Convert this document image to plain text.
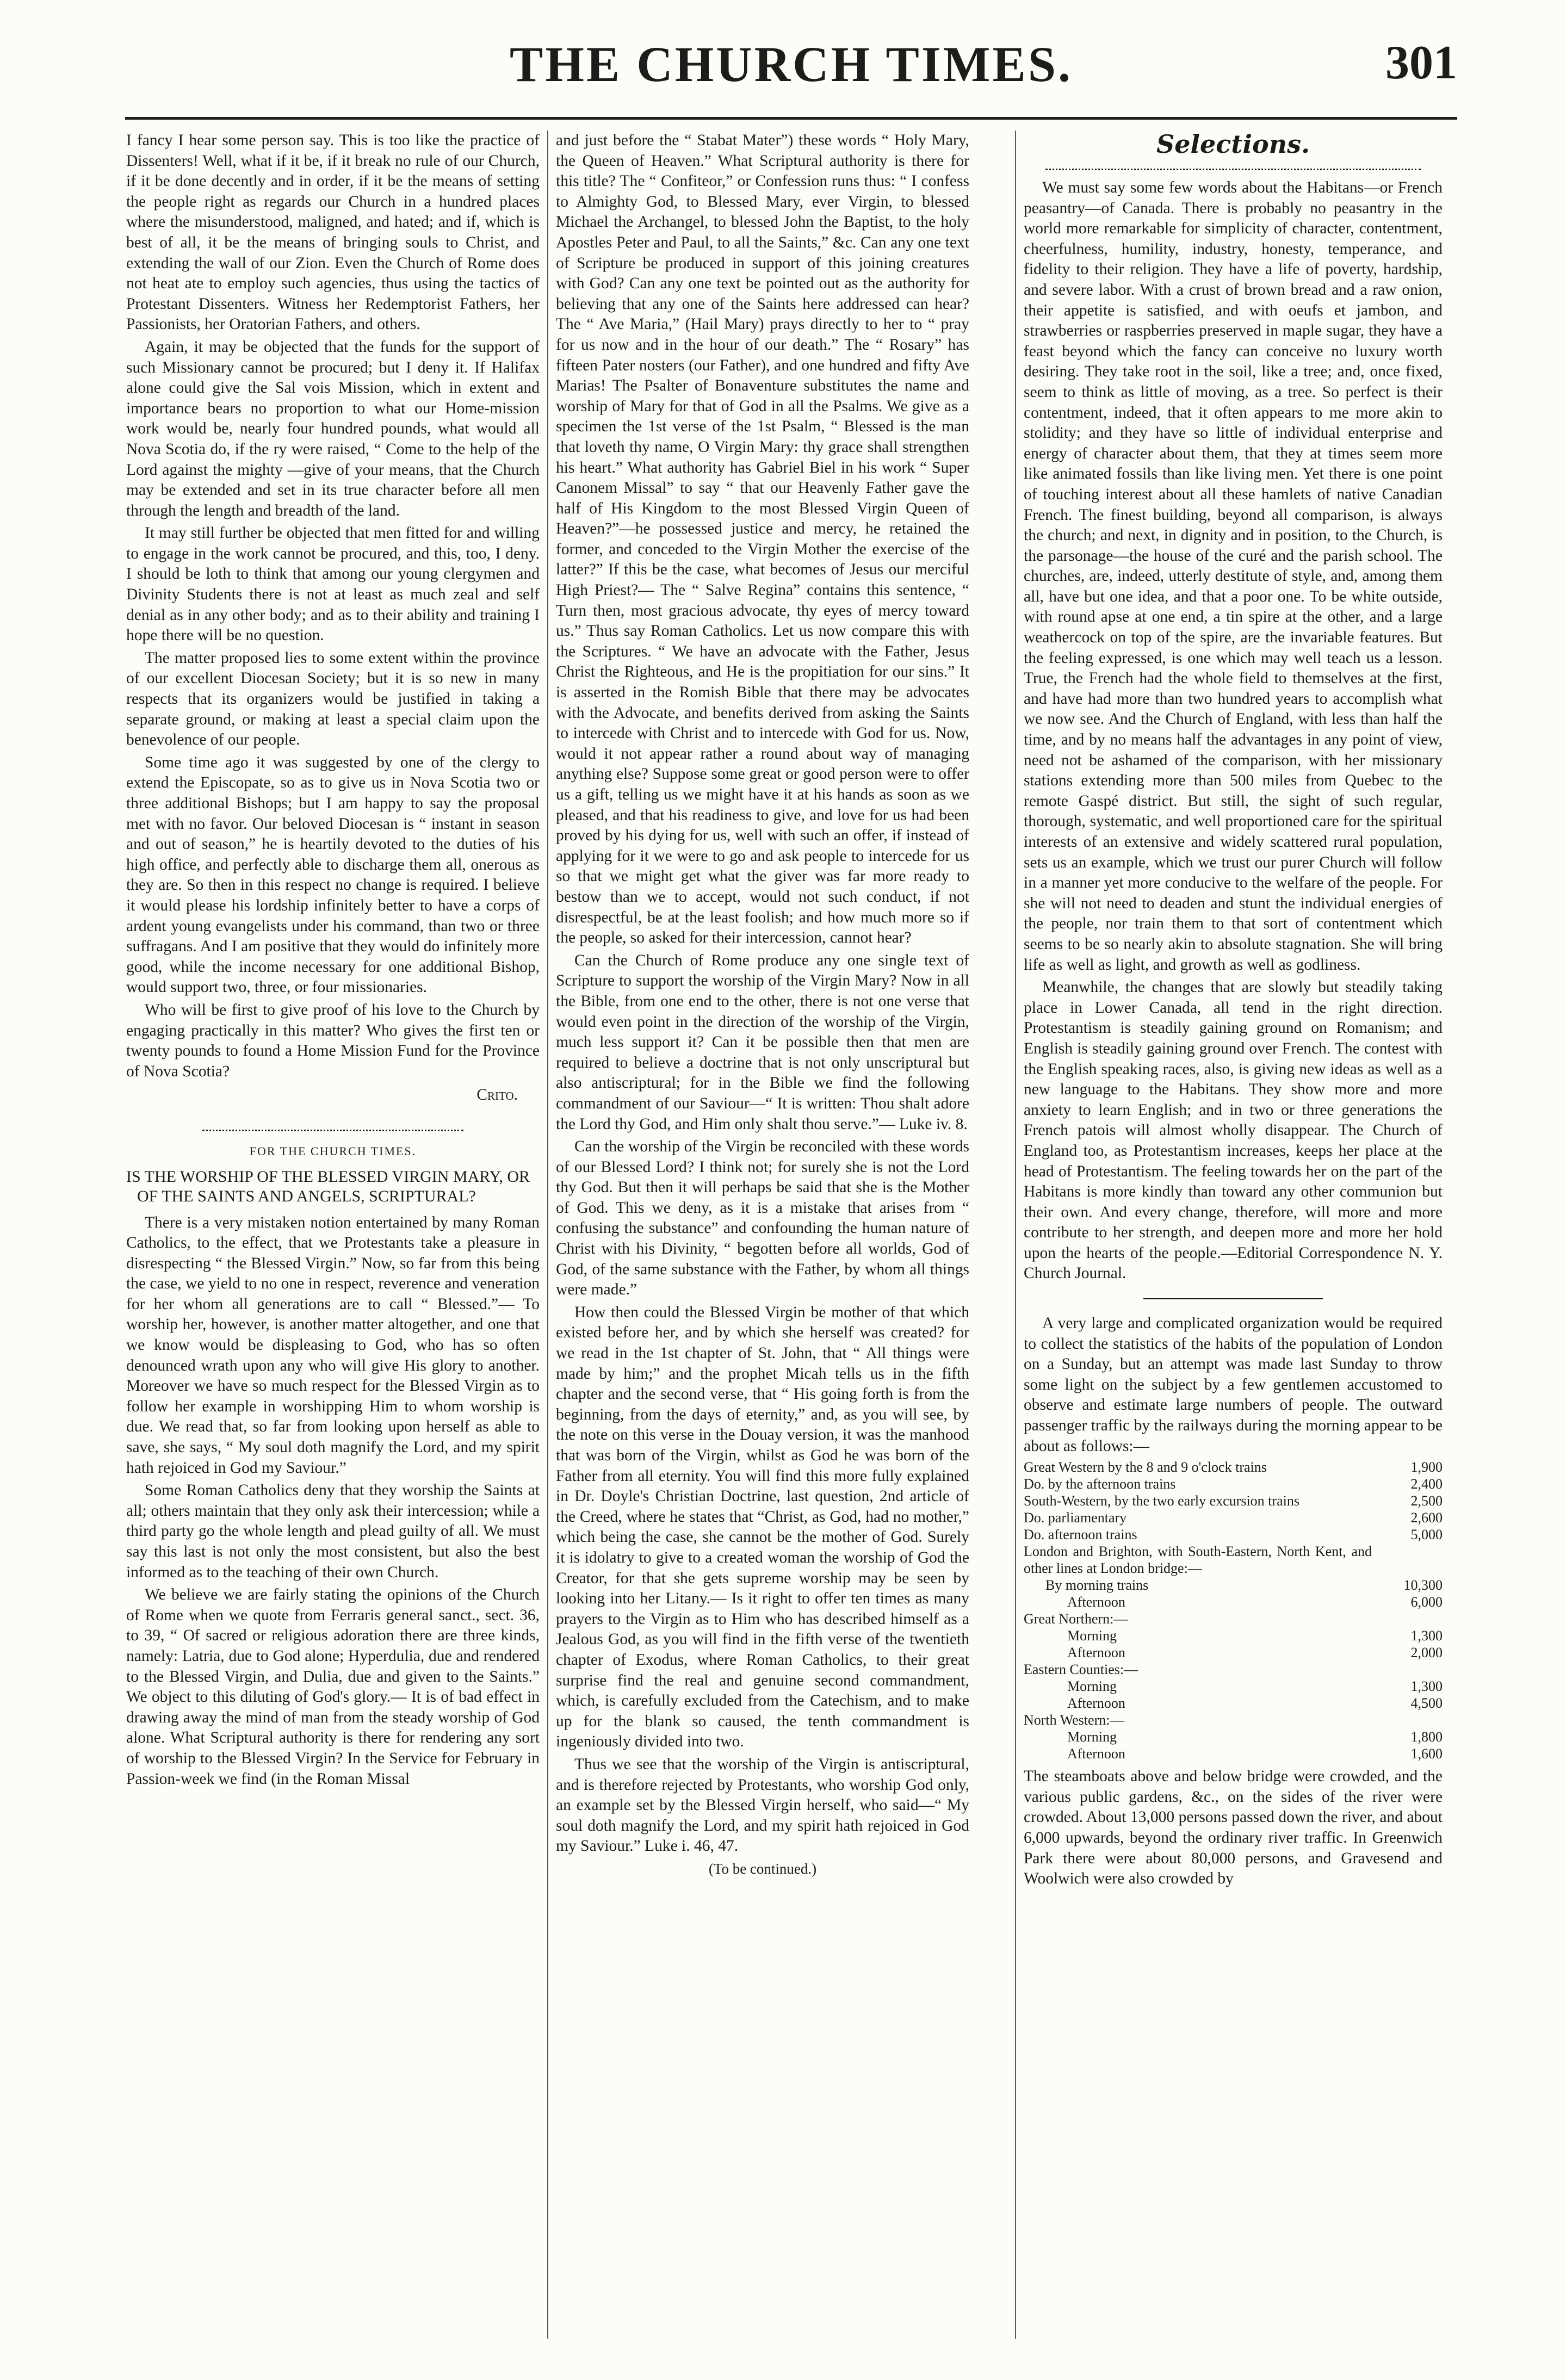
THE CHURCH TIMES.	301

I fancy I hear some person say. This is too like the practice of Dissenters! Well, what if it be, if it break no rule of our Church, if it be done decently and in order, if it be the means of setting the people right as regards our Church in a hundred places where the misunderstood, maligned, and hated; and if, which is best of all, it be the means of bringing souls to Christ, and extending the wall of our Zion. Even the Church of Rome does not heat ate to employ such agencies, thus using the tactics of Protestant Dissenters. Witness her Redemptorist Fathers, her Passionists, her Oratorian Fathers, and others.

Again, it may be objected that the funds for the support of such Missionary cannot be procured; but I deny it. If Halifax alone could give the Sal vois Mission, which in extent and importance bears no proportion to what our Home-mission work would be, nearly four hundred pounds, what would all Nova Scotia do, if the ry were raised, “ Come to the help of the Lord against the mighty —give of your means, that the Church may be extended and set in its true character before all men through the length and breadth of the land.

It may still further be objected that men fitted for and willing to engage in the work cannot be procured, and this, too, I deny. I should be loth to think that among our young clergymen and Divinity Students there is not at least as much zeal and self denial as in any other body; and as to their ability and training I hope there will be no question.

The matter proposed lies to some extent within the province of our excellent Diocesan Society; but it is so new in many respects that its organizers would be justified in taking a separate ground, or making at least a special claim upon the benevolence of our people.

Some time ago it was suggested by one of the clergy to extend the Episcopate, so as to give us in Nova Scotia two or three additional Bishops; but I am happy to say the proposal met with no favor. Our beloved Diocesan is “ instant in season and out of season,” he is heartily devoted to the duties of his high office, and perfectly able to discharge them all, onerous as they are. So then in this respect no change is required. I believe it would please his lordship infinitely better to have a corps of ardent young evangelists under his command, than two or three suffragans. And I am positive that they would do infinitely more good, while the income necessary for one additional Bishop, would support two, three, or four missionaries.

Who will be first to give proof of his love to the Church by engaging practically in this matter? Who gives the first ten or twenty pounds to found a Home Mission Fund for the Province of Nova Scotia?

Crito.
FOR THE CHURCH TIMES.
IS THE WORSHIP OF THE BLESSED VIRGIN MARY, OR OF THE SAINTS AND ANGELS, SCRIPTURAL?

There is a very mistaken notion entertained by many Roman Catholics, to the effect, that we Protestants take a pleasure in disrespecting “ the Blessed Virgin.” Now, so far from this being the case, we yield to no one in respect, reverence and veneration for her whom all generations are to call “ Blessed.”— To worship her, however, is another matter altogether, and one that we know would be displeasing to God, who has so often denounced wrath upon any who will give His glory to another. Moreover we have so much respect for the Blessed Virgin as to follow her example in worshipping Him to whom worship is due. We read that, so far from looking upon herself as able to save, she says, “ My soul doth magnify the Lord, and my spirit hath rejoiced in God my Saviour.”

Some Roman Catholics deny that they worship the Saints at all; others maintain that they only ask their intercession; while a third party go the whole length and plead guilty of all. We must say this last is not only the most consistent, but also the best informed as to the teaching of their own Church.

We believe we are fairly stating the opinions of the Church of Rome when we quote from Ferraris general sanct., sect. 36, to 39, “ Of sacred or religious adoration there are three kinds, namely: Latria, due to God alone; Hyperdulia, due and rendered to the Blessed Virgin, and Dulia, due and given to the Saints.” We object to this diluting of God's glory.— It is of bad effect in drawing away the mind of man from the steady worship of God alone. What Scriptural authority is there for rendering any sort of worship to the Blessed Virgin? In the Service for February in Passion-week we find (in the Roman Missal

and just before the “ Stabat Mater”) these words “ Holy Mary, the Queen of Heaven.” What Scriptural authority is there for this title? The “ Confiteor,” or Confession runs thus: “ I confess to Almighty God, to Blessed Mary, ever Virgin, to blessed Michael the Archangel, to blessed John the Baptist, to the holy Apostles Peter and Paul, to all the Saints,” &c. Can any one text of Scripture be produced in support of this joining creatures with God? Can any one text be pointed out as the authority for believing that any one of the Saints here addressed can hear? The “ Ave Maria,” (Hail Mary) prays directly to her to “ pray for us now and in the hour of our death.” The “ Rosary” has fifteen Pater nosters (our Father), and one hundred and fifty Ave Marias! The Psalter of Bonaventure substitutes the name and worship of Mary for that of God in all the Psalms. We give as a specimen the 1st verse of the 1st Psalm, “ Blessed is the man that loveth thy name, O Virgin Mary: thy grace shall strengthen his heart.” What authority has Gabriel Biel in his work “ Super Canonem Missal” to say “ that our Heavenly Father gave the half of His Kingdom to the most Blessed Virgin Queen of Heaven?”—he possessed justice and mercy, he retained the former, and conceded to the Virgin Mother the exercise of the latter?” If this be the case, what becomes of Jesus our merciful High Priest?— The “ Salve Regina” contains this sentence, “ Turn then, most gracious advocate, thy eyes of mercy toward us.” Thus say Roman Catholics. Let us now compare this with the Scriptures. “ We have an advocate with the Father, Jesus Christ the Righteous, and He is the propitiation for our sins.” It is asserted in the Romish Bible that there may be advocates with the Advocate, and benefits derived from asking the Saints to intercede with Christ and to intercede with God for us. Now, would it not appear rather a round about way of managing anything else? Suppose some great or good person were to offer us a gift, telling us we might have it at his hands as soon as we pleased, and that his readiness to give, and love for us had been proved by his dying for us, well with such an offer, if instead of applying for it we were to go and ask people to intercede for us so that we might get what the giver was far more ready to bestow than we to accept, would not such conduct, if not disrespectful, be at the least foolish; and how much more so if the people, so asked for their intercession, cannot hear?

Can the Church of Rome produce any one single text of Scripture to support the worship of the Virgin Mary? Now in all the Bible, from one end to the other, there is not one verse that would even point in the direction of the worship of the Virgin, much less support it? Can it be possible then that men are required to believe a doctrine that is not only unscriptural but also antiscriptural; for in the Bible we find the following commandment of our Saviour—“ It is written: Thou shalt adore the Lord thy God, and Him only shalt thou serve.”— Luke iv. 8.

Can the worship of the Virgin be reconciled with these words of our Blessed Lord? I think not; for surely she is not the Lord thy God. But then it will perhaps be said that she is the Mother of God. This we deny, as it is a mistake that arises from “ confusing the substance” and confounding the human nature of Christ with his Divinity, “ begotten before all worlds, God of God, of the same substance with the Father, by whom all things were made.”

How then could the Blessed Virgin be mother of that which existed before her, and by which she herself was created? for we read in the 1st chapter of St. John, that “ All things were made by him;” and the prophet Micah tells us in the fifth chapter and the second verse, that “ His going forth is from the beginning, from the days of eternity,” and, as you will see, by the note on this verse in the Douay version, it was the manhood that was born of the Virgin, whilst as God he was born of the Father from all eternity. You will find this more fully explained in Dr. Doyle's Christian Doctrine, last question, 2nd article of the Creed, where he states that “Christ, as God, had no mother,” which being the case, she cannot be the mother of God. Surely it is idolatry to give to a created woman the worship of God the Creator, for that she gets supreme worship may be seen by looking into her Litany.— Is it right to offer ten times as many prayers to the Virgin as to Him who has described himself as a Jealous God, as you will find in the fifth verse of the twentieth chapter of Exodus, where Roman Catholics, to their great surprise find the real and genuine second commandment, which, is carefully excluded from the Catechism, and to make up for the blank so caused, the tenth commandment is ingeniously divided into two.

Thus we see that the worship of the Virgin is antiscriptural, and is therefore rejected by Protestants, who worship God only, an example set by the Blessed Virgin herself, who said—“ My soul doth magnify the Lord, and my spirit hath rejoiced in God my Saviour.” Luke i. 46, 47.

(To be continued.)
Selections.

We must say some few words about the Habitans—or French peasantry—of Canada. There is probably no peasantry in the world more remarkable for simplicity of character, contentment, cheerfulness, humility, industry, honesty, temperance, and fidelity to their religion. They have a life of poverty, hardship, and severe labor. With a crust of brown bread and a raw onion, their appetite is satisfied, and with oeufs et jambon, and strawberries or raspberries preserved in maple sugar, they have a feast beyond which the fancy can conceive no luxury worth desiring. They take root in the soil, like a tree; and, once fixed, seem to think as little of moving, as a tree. So perfect is their contentment, indeed, that it often appears to me more akin to stolidity; and they have so little of individual enterprise and energy of character about them, that they at times seem more like animated fossils than like living men. Yet there is one point of touching interest about all these hamlets of native Canadian French. The finest building, beyond all comparison, is always the church; and next, in dignity and in position, to the Church, is the parsonage—the house of the curé and the parish school. The churches, are, indeed, utterly destitute of style, and, among them all, have but one idea, and that a poor one. To be white outside, with round apse at one end, a tin spire at the other, and a large weathercock on top of the spire, are the invariable features. But the feeling expressed, is one which may well teach us a lesson. True, the French had the whole field to themselves at the first, and have had more than two hundred years to accomplish what we now see. And the Church of England, with less than half the time, and by no means half the advantages in any point of view, need not be ashamed of the comparison, with her missionary stations extending more than 500 miles from Quebec to the remote Gaspé district. But still, the sight of such regular, thorough, systematic, and well proportioned care for the spiritual interests of an extensive and widely scattered rural population, sets us an example, which we trust our purer Church will follow in a manner yet more conducive to the welfare of the people. For she will not need to deaden and stunt the individual energies of the people, nor train them to that sort of contentment which seems to be so nearly akin to absolute stagnation. She will bring life as well as light, and growth as well as godliness.

Meanwhile, the changes that are slowly but steadily taking place in Lower Canada, all tend in the right direction. Protestantism is steadily gaining ground on Romanism; and English is steadily gaining ground over French. The contest with the English speaking races, also, is giving new ideas as well as a new language to the Habitans. They show more and more anxiety to learn English; and in two or three generations the French patois will almost wholly disappear. The Church of England too, as Protestantism increases, keeps her place at the head of Protestantism. The feeling towards her on the part of the Habitans is more kindly than toward any other communion but their own. And every change, therefore, will more and more contribute to her strength, and deepen more and more her hold upon the hearts of the people.—Editorial Correspondence N. Y. Church Journal.

A very large and complicated organization would be required to collect the statistics of the habits of the population of London on a Sunday, but an attempt was made last Sunday to throw some light on the subject by a few gentlemen accustomed to observe and estimate large numbers of people. The outward passenger traffic by the railways during the morning appear to be about as follows:—

Great Western by the 8 and 9 o'clock trains	1,900
Do. by the afternoon trains	2,400
South-Western, by the two early excursion trains	2,500
Do. parliamentary	2,600
Do. afternoon trains	5,000
London and Brighton, with South-Eastern, North Kent, and other lines at London bridge:—	
By morning trains	10,300
Afternoon	6,000
Great Northern:—	
Morning	1,300
Afternoon	2,000
Eastern Counties:—	
Morning	1,300
Afternoon	4,500
North Western:—	
Morning	1,800
Afternoon	1,600

The steamboats above and below bridge were crowded, and the various public gardens, &c., on the sides of the river were crowded. About 13,000 persons passed down the river, and about 6,000 upwards, beyond the ordinary river traffic. In Greenwich Park there were about 80,000 persons, and Gravesend and Woolwich were also crowded by
